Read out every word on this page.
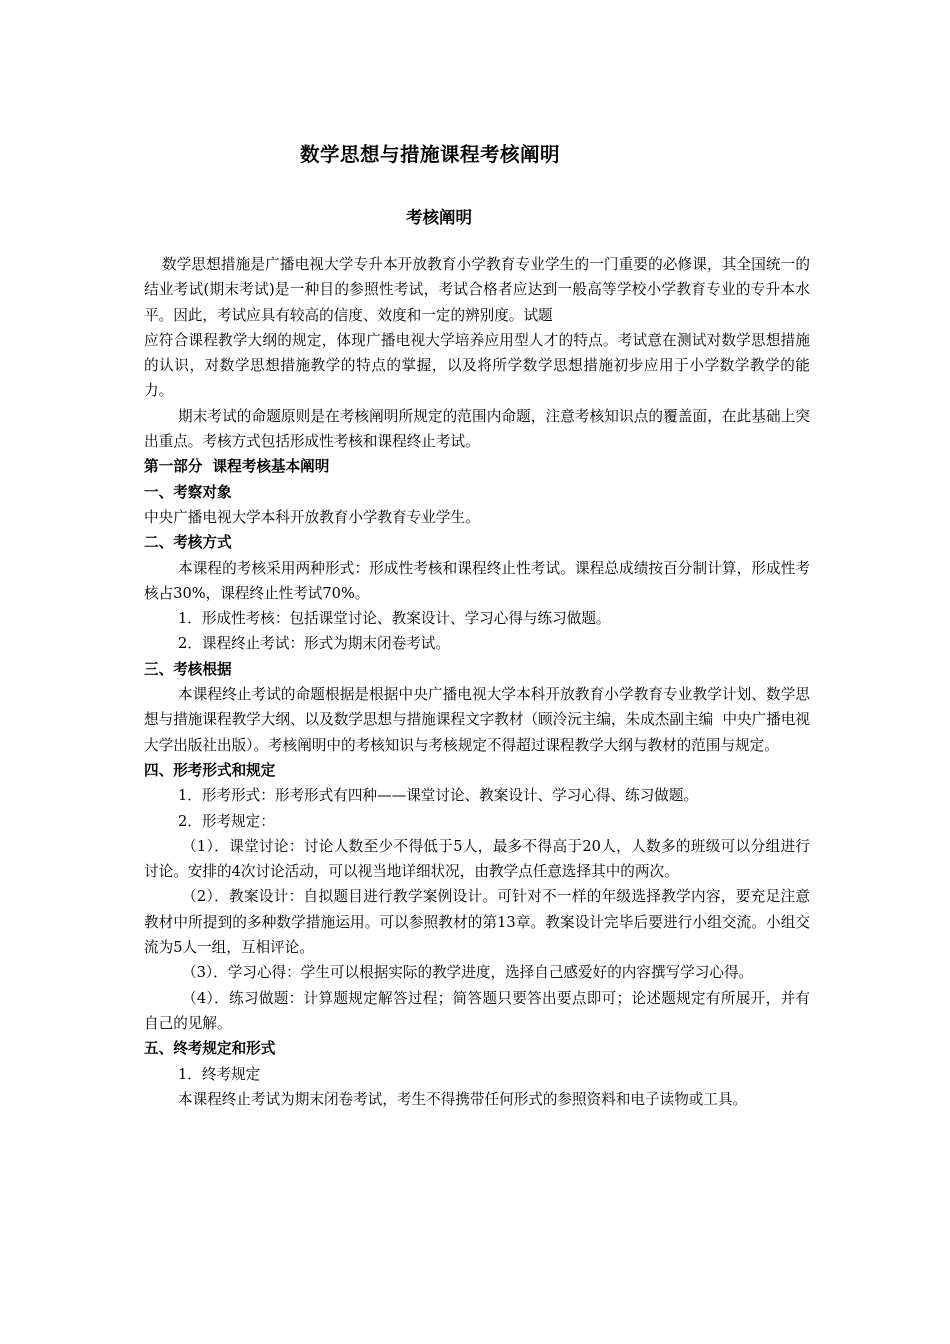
数学思想与措施课程考核阐明
考核阐明

数学思想措施是广播电视大学专升本开放教育小学教育专业学生的一门重要的必修课，其全国统一的结业考试(期末考试)是一种目的参照性考试，考试合格者应达到一般高等学校小学教育专业的专升本水平。因此，考试应具有较高的信度、效度和一定的辨别度。试题

应符合课程教学大纲的规定，体现广播电视大学培养应用型人才的特点。考试意在测试对数学思想措施的认识，对数学思想措施教学的特点的掌握，以及将所学数学思想措施初步应用于小学数学教学的能力。

期末考试的命题原则是在考核阐明所规定的范围内命题，注意考核知识点的覆盖面，在此基础上突出重点。考核方式包括形成性考核和课程终止考试。

第一部分  课程考核基本阐明

一、考察对象

中央广播电视大学本科开放教育小学教育专业学生。

二、考核方式

本课程的考核采用两种形式：形成性考核和课程终止性考试。课程总成绩按百分制计算，形成性考核占30%，课程终止性考试70%。

1．形成性考核：包括课堂讨论、教案设计、学习心得与练习做题。

2．课程终止考试：形式为期末闭卷考试。

三、考核根据

本课程终止考试的命题根据是根据中央广播电视大学本科开放教育小学教育专业教学计划、数学思想与措施课程教学大纲、以及数学思想与措施课程文字教材（顾泠沅主编，朱成杰副主编  中央广播电视大学出版社出版）。考核阐明中的考核知识与考核规定不得超过课程教学大纲与教材的范围与规定。

四、形考形式和规定

1．形考形式：形考形式有四种——课堂讨论、教案设计、学习心得、练习做题。

2．形考规定：

（1）．课堂讨论：讨论人数至少不得低于5人，最多不得高于20人，人数多的班级可以分组进行讨论。安排的4次讨论活动，可以视当地详细状况，由教学点任意选择其中的两次。

（2）．教案设计：自拟题目进行教学案例设计。可针对不一样的年级选择教学内容，要充足注意教材中所提到的多种数学措施运用。可以参照教材的第13章。教案设计完毕后要进行小组交流。小组交流为5人一组，互相评论。

（3）．学习心得：学生可以根据实际的教学进度，选择自己感爱好的内容撰写学习心得。

（4）．练习做题：计算题规定解答过程；简答题只要答出要点即可；论述题规定有所展开，并有自己的见解。

五、终考规定和形式

1．终考规定

本课程终止考试为期末闭卷考试，考生不得携带任何形式的参照资料和电子读物或工具。
